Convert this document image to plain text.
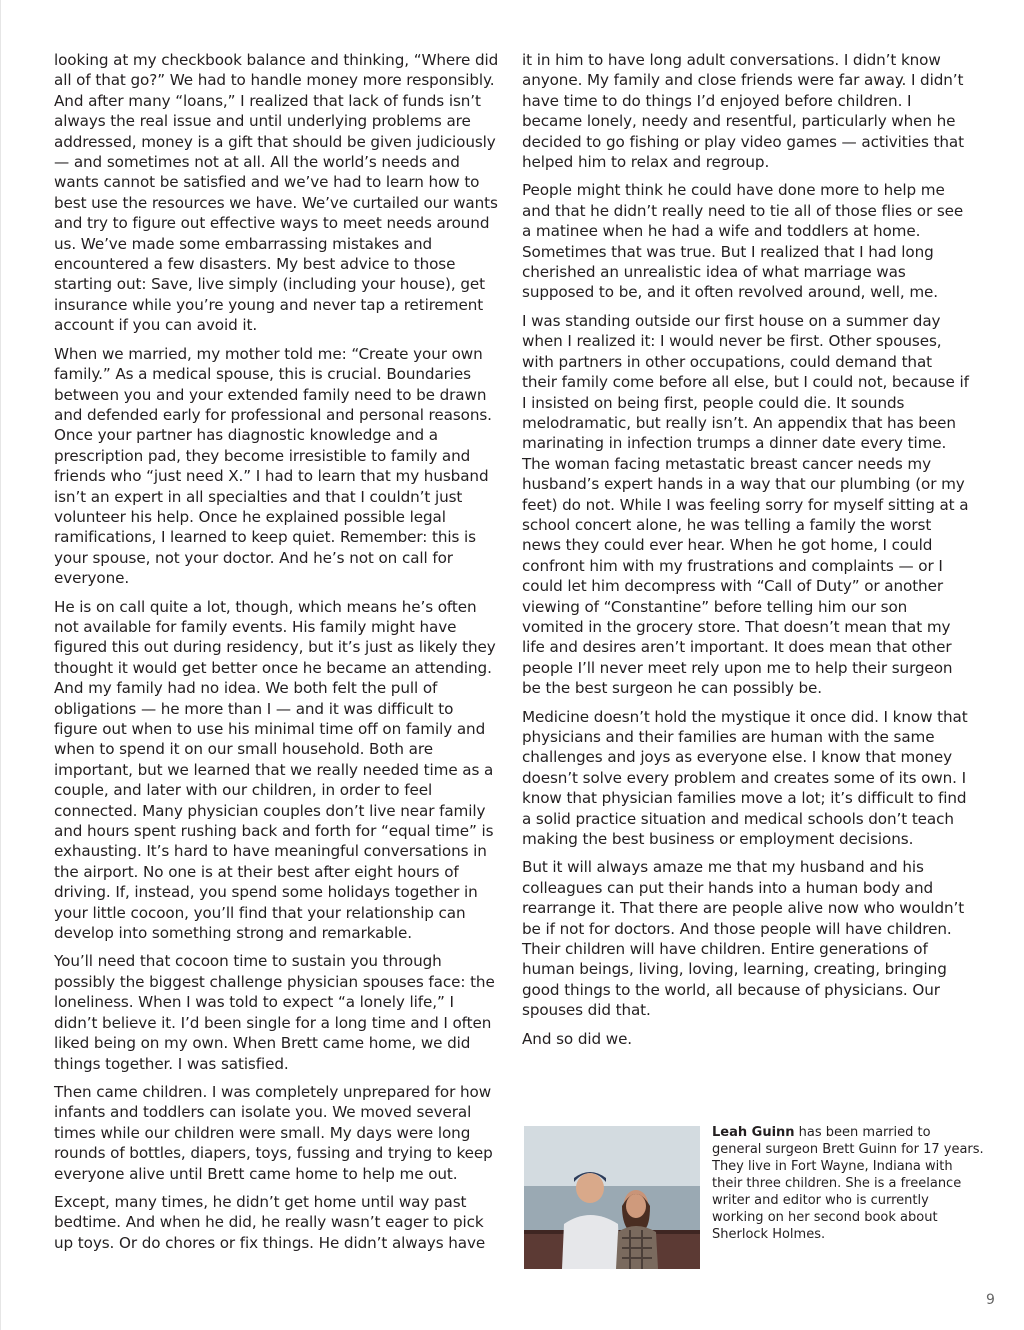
looking at my checkbook balance and thinking, “Where did all of that go?” We had to handle money more responsibly. And after many “loans,” I realized that lack of funds isn’t always the real issue and until underlying problems are addressed, money is a gift that should be given judiciously — and sometimes not at all. All the world’s needs and wants cannot be satisfied and we’ve had to learn how to best use the resources we have. We’ve curtailed our wants and try to figure out effective ways to meet needs around us. We’ve made some embarrassing mistakes and encountered a few disasters. My best advice to those starting out: Save, live simply (including your house), get insurance while you’re young and never tap a retirement account if you can avoid it.

When we married, my mother told me: “Create your own family.” As a medical spouse, this is crucial. Boundaries between you and your extended family need to be drawn and defended early for professional and personal reasons. Once your partner has diagnostic knowledge and a prescription pad, they become irresistible to family and friends who “just need X.” I had to learn that my husband isn’t an expert in all specialties and that I couldn’t just volunteer his help. Once he explained possible legal ramifications, I learned to keep quiet. Remember: this is your spouse, not your doctor. And he’s not on call for everyone.

He is on call quite a lot, though, which means he’s often not available for family events. His family might have figured this out during residency, but it’s just as likely they thought it would get better once he became an attending. And my family had no idea. We both felt the pull of obligations — he more than I — and it was difficult to figure out when to use his minimal time off on family and when to spend it on our small household. Both are important, but we learned that we really needed time as a couple, and later with our children, in order to feel connected. Many physician couples don’t live near family and hours spent rushing back and forth for “equal time” is exhausting. It’s hard to have meaningful conversations in the airport. No one is at their best after eight hours of driving. If, instead, you spend some holidays together in your little cocoon, you’ll find that your relationship can develop into something strong and remarkable.

You’ll need that cocoon time to sustain you through possibly the biggest challenge physician spouses face: the loneliness. When I was told to expect “a lonely life,” I didn’t believe it. I’d been single for a long time and I often liked being on my own. When Brett came home, we did things together. I was satisfied.

Then came children. I was completely unprepared for how infants and toddlers can isolate you. We moved several times while our children were small. My days were long rounds of bottles, diapers, toys, fussing and trying to keep everyone alive until Brett came home to help me out.

Except, many times, he didn’t get home until way past bedtime. And when he did, he really wasn’t eager to pick up toys. Or do chores or fix things. He didn’t always have

it in him to have long adult conversations. I didn’t know anyone. My family and close friends were far away. I didn’t have time to do things I’d enjoyed before children. I became lonely, needy and resentful, particularly when he decided to go fishing or play video games — activities that helped him to relax and regroup.

People might think he could have done more to help me and that he didn’t really need to tie all of those flies or see a matinee when he had a wife and toddlers at home. Sometimes that was true. But I realized that I had long cherished an unrealistic idea of what marriage was supposed to be, and it often revolved around, well, me.

I was standing outside our first house on a summer day when I realized it: I would never be first. Other spouses, with partners in other occupations, could demand that their family come before all else, but I could not, because if I insisted on being first, people could die. It sounds melodramatic, but really isn’t. An appendix that has been marinating in infection trumps a dinner date every time. The woman facing metastatic breast cancer needs my husband’s expert hands in a way that our plumbing (or my feet) do not. While I was feeling sorry for myself sitting at a school concert alone, he was telling a family the worst news they could ever hear. When he got home, I could confront him with my frustrations and complaints — or I could let him decompress with “Call of Duty” or another viewing of “Constantine” before telling him our son vomited in the grocery store. That doesn’t mean that my life and desires aren’t important. It does mean that other people I’ll never meet rely upon me to help their surgeon be the best surgeon he can possibly be.

Medicine doesn’t hold the mystique it once did. I know that physicians and their families are human with the same challenges and joys as everyone else. I know that money doesn’t solve every problem and creates some of its own. I know that physician families move a lot; it’s difficult to find a solid practice situation and medical schools don’t teach making the best business or employment decisions.

But it will always amaze me that my husband and his colleagues can put their hands into a human body and rearrange it. That there are people alive now who wouldn’t be if not for doctors. And those people will have children. Their children will have children. Entire generations of human beings, living, loving, learning, creating, bringing good things to the world, all because of physicians. Our spouses did that.

And so did we.

Leah Guinn has been married to general surgeon Brett Guinn for 17 years. They live in Fort Wayne, Indiana with their three children. She is a freelance writer and editor who is currently working on her second book about Sherlock Holmes.
9
